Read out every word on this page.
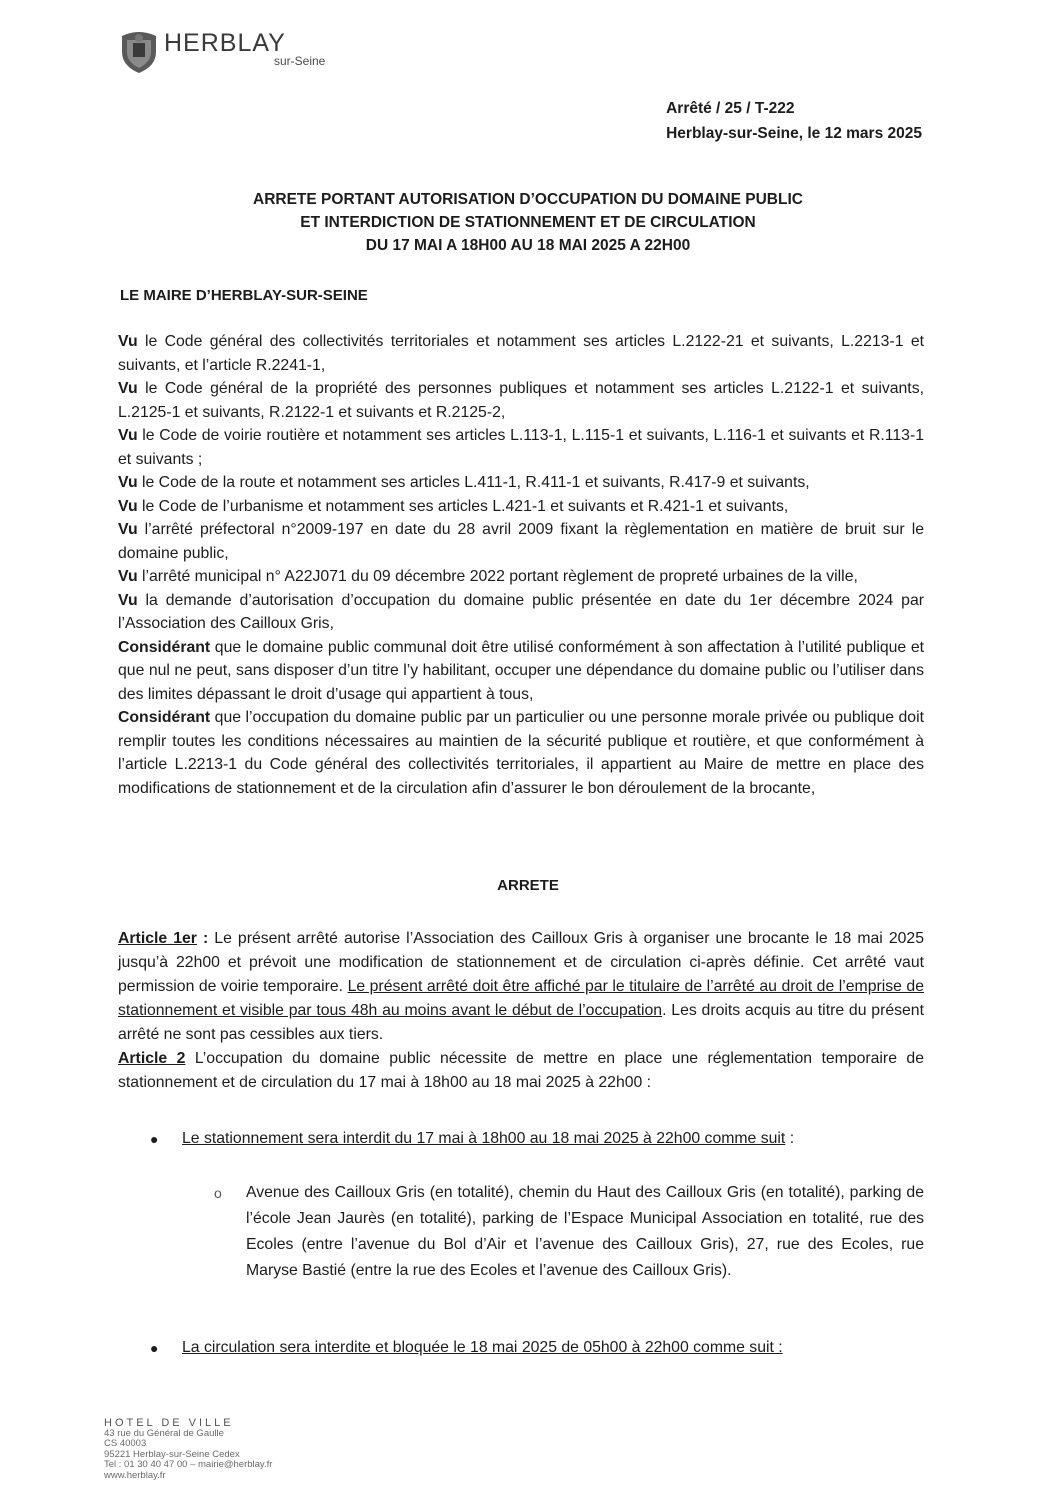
HERBLAY
sur-Seine
Arrêté / 25 / T-222
Herblay-sur-Seine, le 12 mars 2025
ARRETE PORTANT AUTORISATION D’OCCUPATION DU DOMAINE PUBLIC
ET INTERDICTION DE STATIONNEMENT ET DE CIRCULATION
DU 17 MAI A 18H00 AU 18 MAI 2025 A 22H00
LE MAIRE D’HERBLAY-SUR-SEINE

Vu le Code général des collectivités territoriales et notamment ses articles L.2122-21 et suivants, L.2213-1 et suivants, et l’article R.2241-1,

Vu le Code général de la propriété des personnes publiques et notamment ses articles L.2122-1 et suivants, L.2125-1 et suivants, R.2122-1 et suivants et R.2125-2,

Vu le Code de voirie routière et notamment ses articles L.113-1, L.115-1 et suivants, L.116-1 et suivants et R.113-1 et suivants ;

Vu le Code de la route et notamment ses articles L.411-1, R.411-1 et suivants, R.417-9 et suivants,

Vu le Code de l’urbanisme et notamment ses articles L.421-1 et suivants et R.421-1 et suivants,

Vu l’arrêté préfectoral n°2009-197 en date du 28 avril 2009 fixant la règlementation en matière de bruit sur le domaine public,

Vu l’arrêté municipal n° A22J071 du 09 décembre 2022 portant règlement de propreté urbaines de la ville,

Vu la demande d’autorisation d’occupation du domaine public présentée en date du 1er décembre 2024 par l’Association des Cailloux Gris,

Considérant que le domaine public communal doit être utilisé conformément à son affectation à l’utilité publique et que nul ne peut, sans disposer d’un titre l’y habilitant, occuper une dépendance du domaine public ou l’utiliser dans des limites dépassant le droit d’usage qui appartient à tous,

Considérant que l’occupation du domaine public par un particulier ou une personne morale privée ou publique doit remplir toutes les conditions nécessaires au maintien de la sécurité publique et routière, et que conformément à l’article L.2213-1 du Code général des collectivités territoriales, il appartient au Maire de mettre en place des modifications de stationnement et de la circulation afin d’assurer le bon déroulement de la brocante,

ARRETE

Article 1er : Le présent arrêté autorise l’Association des Cailloux Gris à organiser une brocante le 18 mai 2025 jusqu’à 22h00 et prévoit une modification de stationnement et de circulation ci-après définie. Cet arrêté vaut permission de voirie temporaire. Le présent arrêté doit être affiché par le titulaire de l’arrêté au droit de l’emprise de stationnement et visible par tous 48h au moins avant le début de l’occupation. Les droits acquis au titre du présent arrêté ne sont pas cessibles aux tiers.

Article 2 L’occupation du domaine public nécessite de mettre en place une réglementation temporaire de stationnement et de circulation du 17 mai à 18h00 au 18 mai 2025 à 22h00 :

●	Le stationnement sera interdit du 17 mai à 18h00 au 18 mai 2025 à 22h00 comme suit :
o	Avenue des Cailloux Gris (en totalité), chemin du Haut des Cailloux Gris (en totalité), parking de l’école Jean Jaurès (en totalité), parking de l’Espace Municipal Association en totalité, rue des Ecoles (entre l’avenue du Bol d’Air et l’avenue des Cailloux Gris), 27, rue des Ecoles, rue Maryse Bastié (entre la rue des Ecoles et l’avenue des Cailloux Gris).
●	La circulation sera interdite et bloquée le 18 mai 2025 de 05h00 à 22h00 comme suit :
HOTEL DE VILLE
43 rue du Général de Gaulle
CS 40003
95221 Herblay-sur-Seine Cedex
Tel : 01 30 40 47 00 – mairie@herblay.fr
www.herblay.fr
